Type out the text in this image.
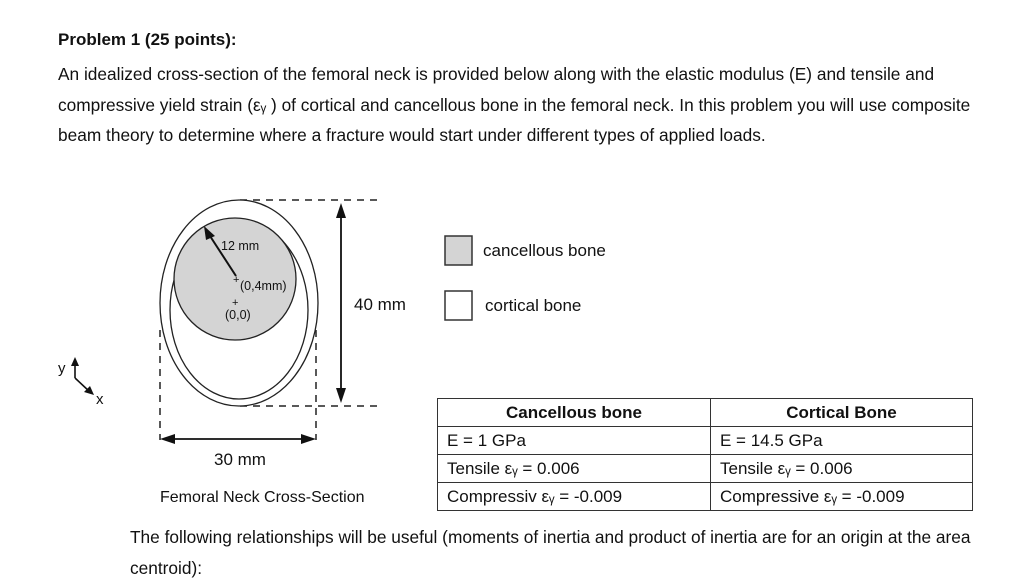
Problem 1 (25 points):
An idealized cross-section of the femoral neck is provided below along with the elastic modulus (E) and tensile and compressive yield strain (εᵧ ) of cortical and cancellous bone in the femoral neck. In this problem you will use composite beam theory to determine where a fracture would start under different types of applied loads.
12 mm
+ (0,4mm)
+
(0,0)
40 mm
30 mm
Femoral Neck Cross-Section
y
x
cancellous bone
cortical bone
Cancellous bone	Cortical Bone
E = 1 GPa	E = 14.5 GPa
Tensile εᵧ = 0.006	Tensile εᵧ = 0.006
Compressiv εᵧ = -0.009	Compressive εᵧ = -0.009
The following relationships will be useful (moments of inertia and product of inertia are for an origin at the area centroid):
